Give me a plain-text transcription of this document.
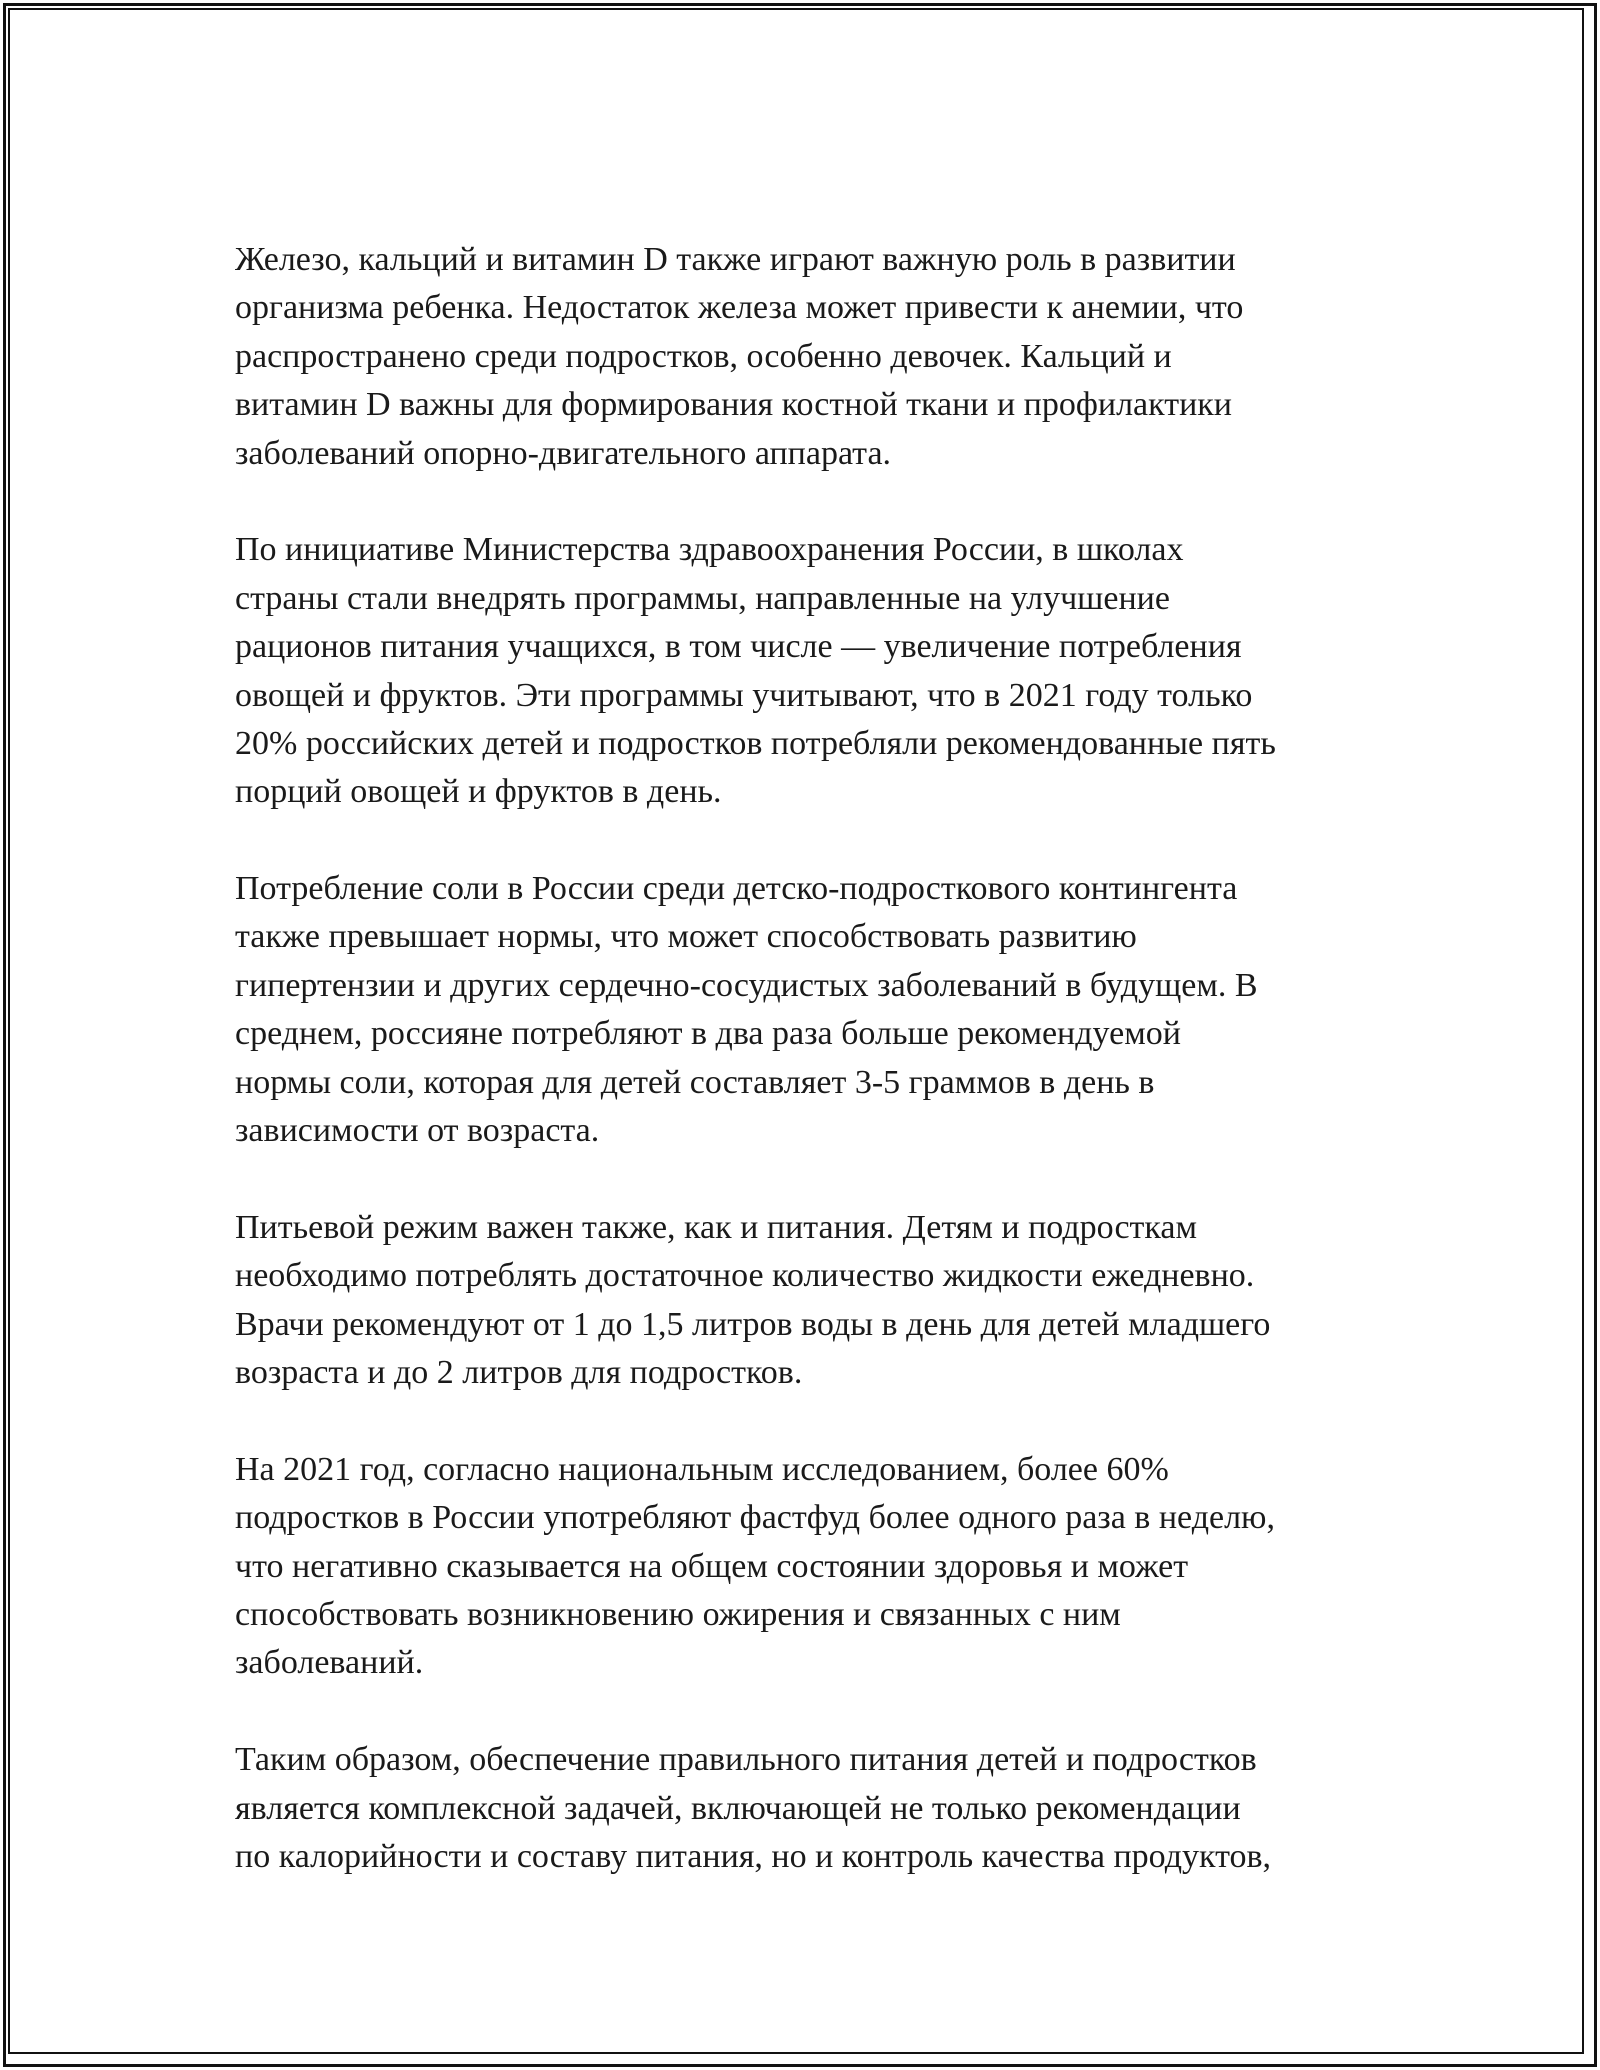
Железо, кальций и витамин D также играют важную роль в развитии
организма ребенка. Недостаток железа может привести к анемии, что
распространено среди подростков, особенно девочек. Кальций и
витамин D важны для формирования костной ткани и профилактики
заболеваний опорно-двигательного аппарата.

По инициативе Министерства здравоохранения России, в школах
страны стали внедрять программы, направленные на улучшение
рационов питания учащихся, в том числе — увеличение потребления
овощей и фруктов. Эти программы учитывают, что в 2021 году только
20% российских детей и подростков потребляли рекомендованные пять
порций овощей и фруктов в день.

Потребление соли в России среди детско-подросткового контингента
также превышает нормы, что может способствовать развитию
гипертензии и других сердечно-сосудистых заболеваний в будущем. В
среднем, россияне потребляют в два раза больше рекомендуемой
нормы соли, которая для детей составляет 3-5 граммов в день в
зависимости от возраста.

Питьевой режим важен также, как и питания. Детям и подросткам
необходимо потреблять достаточное количество жидкости ежедневно.
Врачи рекомендуют от 1 до 1,5 литров воды в день для детей младшего
возраста и до 2 литров для подростков.

На 2021 год, согласно национальным исследованием, более 60%
подростков в России употребляют фастфуд более одного раза в неделю,
что негативно сказывается на общем состоянии здоровья и может
способствовать возникновению ожирения и связанных с ним
заболеваний.

Таким образом, обеспечение правильного питания детей и подростков
является комплексной задачей, включающей не только рекомендации
по калорийности и составу питания, но и контроль качества продуктов,
